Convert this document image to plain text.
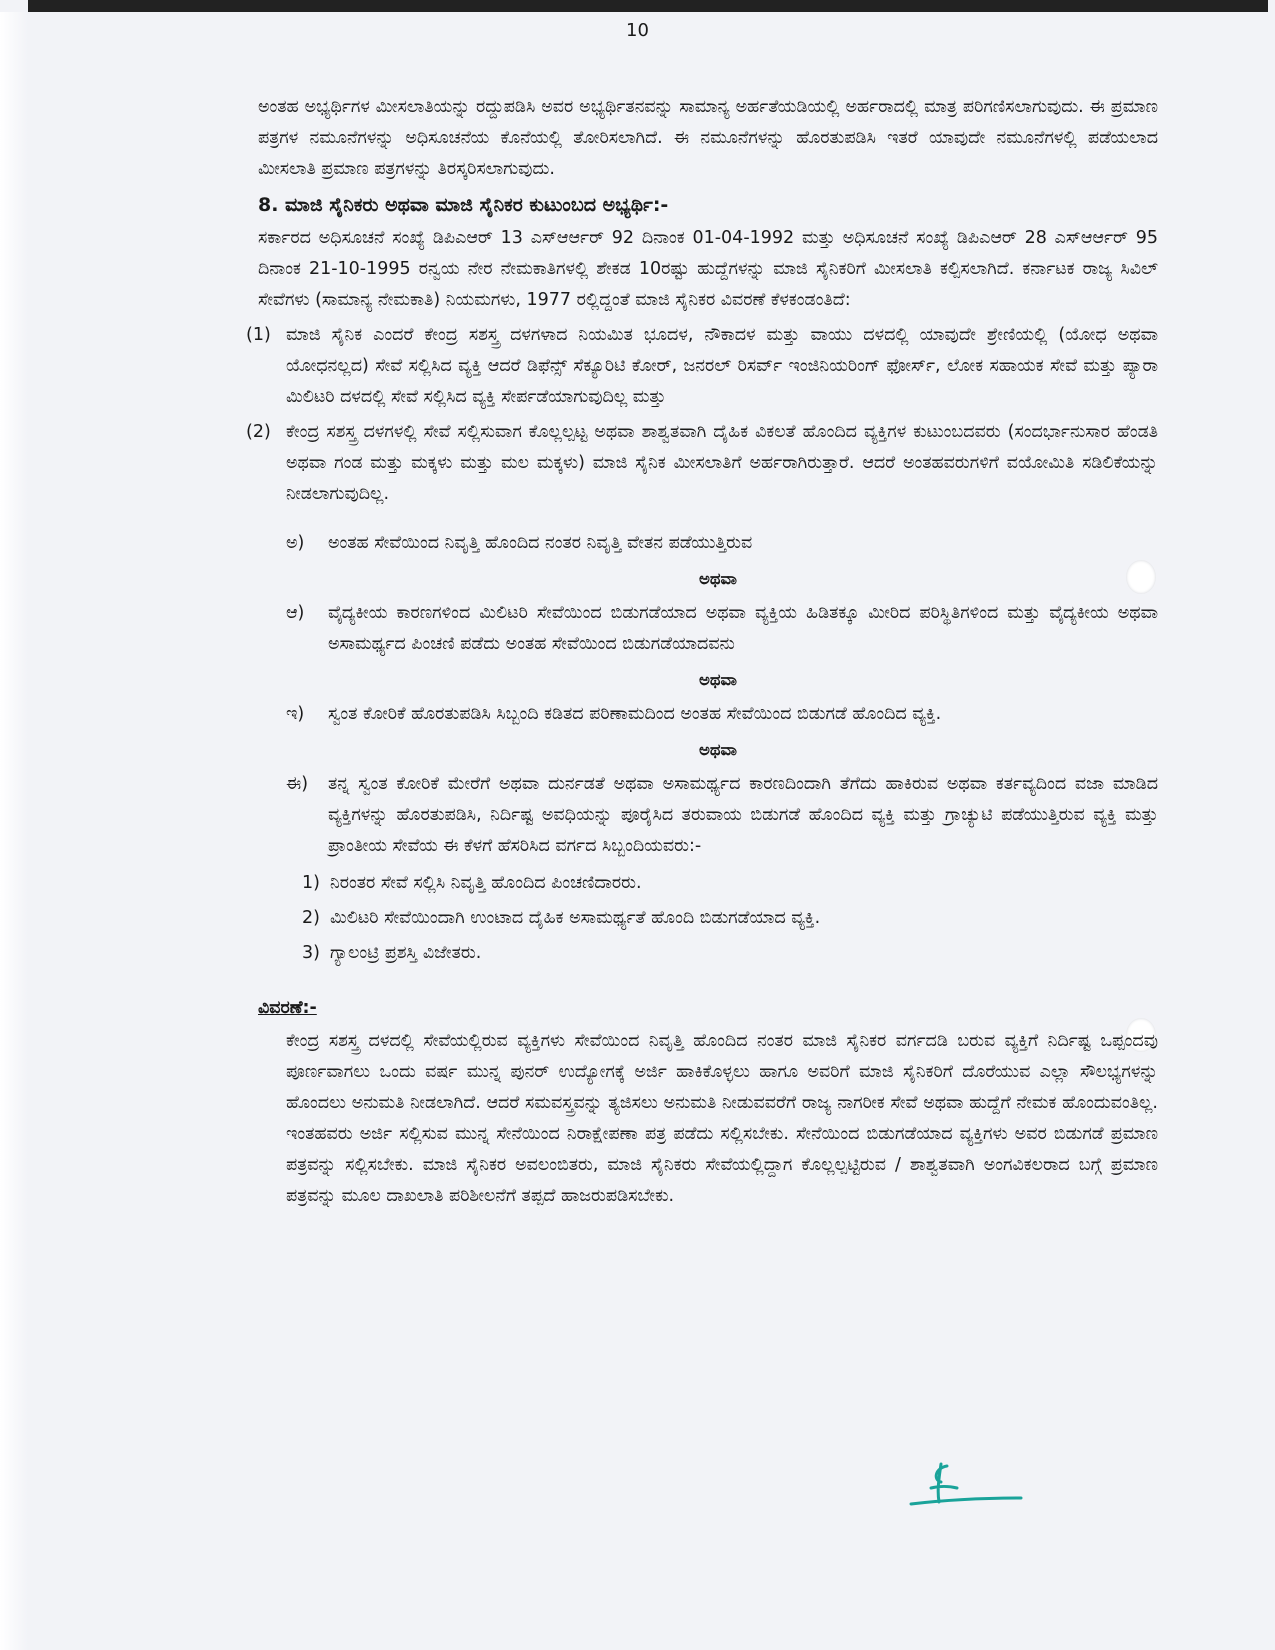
10
ಅಂತಹ ಅಭ್ಯರ್ಥಿಗಳ ಮೀಸಲಾತಿಯನ್ನು ರದ್ದುಪಡಿಸಿ ಅವರ ಅಭ್ಯರ್ಥಿತನವನ್ನು ಸಾಮಾನ್ಯ ಅರ್ಹತೆಯಡಿಯಲ್ಲಿ ಅರ್ಹರಾದಲ್ಲಿ ಮಾತ್ರ ಪರಿಗಣಿಸಲಾಗುವುದು. ಈ ಪ್ರಮಾಣ ಪತ್ರಗಳ ನಮೂನೆಗಳನ್ನು ಅಧಿಸೂಚನೆಯ ಕೊನೆಯಲ್ಲಿ ತೋರಿಸಲಾಗಿದೆ. ಈ ನಮೂನೆಗಳನ್ನು ಹೊರತುಪಡಿಸಿ ಇತರೆ ಯಾವುದೇ ನಮೂನೆಗಳಲ್ಲಿ ಪಡೆಯಲಾದ ಮೀಸಲಾತಿ ಪ್ರಮಾಣ ಪತ್ರಗಳನ್ನು ತಿರಸ್ಕರಿಸಲಾಗುವುದು.
8. ಮಾಜಿ ಸೈನಿಕರು ಅಥವಾ ಮಾಜಿ ಸೈನಿಕರ ಕುಟುಂಬದ ಅಭ್ಯರ್ಥಿ:-
ಸರ್ಕಾರದ ಅಧಿಸೂಚನೆ ಸಂಖ್ಯೆ ಡಿಪಿಎಆರ್ 13 ಎಸ್ಆರ್ಆರ್ 92 ದಿನಾಂಕ 01-04-1992 ಮತ್ತು ಅಧಿಸೂಚನೆ ಸಂಖ್ಯೆ ಡಿಪಿಎಆರ್ 28 ಎಸ್ಆರ್ಆರ್ 95 ದಿನಾಂಕ 21-10-1995 ರನ್ವಯ ನೇರ ನೇಮಕಾತಿಗಳಲ್ಲಿ ಶೇಕಡ 10ರಷ್ಟು ಹುದ್ದೆಗಳನ್ನು ಮಾಜಿ ಸೈನಿಕರಿಗೆ ಮೀಸಲಾತಿ ಕಲ್ಪಿಸಲಾಗಿದೆ. ಕರ್ನಾಟಕ ರಾಜ್ಯ ಸಿವಿಲ್ ಸೇವೆಗಳು (ಸಾಮಾನ್ಯ ನೇಮಕಾತಿ) ನಿಯಮಗಳು, 1977 ರಲ್ಲಿದ್ದಂತೆ ಮಾಜಿ ಸೈನಿಕರ ವಿವರಣೆ ಕೆಳಕಂಡಂತಿದೆ:
(1) ಮಾಜಿ ಸೈನಿಕ ಎಂದರೆ ಕೇಂದ್ರ ಸಶಸ್ತ್ರ ದಳಗಳಾದ ನಿಯಮಿತ ಭೂದಳ, ನೌಕಾದಳ ಮತ್ತು ವಾಯು ದಳದಲ್ಲಿ ಯಾವುದೇ ಶ್ರೇಣಿಯಲ್ಲಿ (ಯೋಧ ಅಥವಾ ಯೋಧನಲ್ಲದ) ಸೇವೆ ಸಲ್ಲಿಸಿದ ವ್ಯಕ್ತಿ ಆದರೆ ಡಿಫೆನ್ಸ್ ಸೆಕ್ಯೂರಿಟಿ ಕೋರ್, ಜನರಲ್ ರಿಸರ್ವ್ ಇಂಜಿನಿಯರಿಂಗ್ ಫೋರ್ಸ್, ಲೋಕ ಸಹಾಯಕ ಸೇವೆ ಮತ್ತು ಪ್ಯಾರಾ ಮಿಲಿಟರಿ ದಳದಲ್ಲಿ ಸೇವೆ ಸಲ್ಲಿಸಿದ ವ್ಯಕ್ತಿ ಸೇರ್ಪಡೆಯಾಗುವುದಿಲ್ಲ ಮತ್ತು
(2) ಕೇಂದ್ರ ಸಶಸ್ತ್ರ ದಳಗಳಲ್ಲಿ ಸೇವೆ ಸಲ್ಲಿಸುವಾಗ ಕೊಲ್ಲಲ್ಪಟ್ಟ ಅಥವಾ ಶಾಶ್ವತವಾಗಿ ದೈಹಿಕ ವಿಕಲತೆ ಹೊಂದಿದ ವ್ಯಕ್ತಿಗಳ ಕುಟುಂಬದವರು (ಸಂದರ್ಭಾನುಸಾರ ಹೆಂಡತಿ ಅಥವಾ ಗಂಡ ಮತ್ತು ಮಕ್ಕಳು ಮತ್ತು ಮಲ ಮಕ್ಕಳು) ಮಾಜಿ ಸೈನಿಕ ಮೀಸಲಾತಿಗೆ ಅರ್ಹರಾಗಿರುತ್ತಾರೆ. ಆದರೆ ಅಂತಹವರುಗಳಿಗೆ ವಯೋಮಿತಿ ಸಡಿಲಿಕೆಯನ್ನು ನೀಡಲಾಗುವುದಿಲ್ಲ.
ಅ)	ಅಂತಹ ಸೇವೆಯಿಂದ ನಿವೃತ್ತಿ ಹೊಂದಿದ ನಂತರ ನಿವೃತ್ತಿ ವೇತನ ಪಡೆಯುತ್ತಿರುವ
ಅಥವಾ
ಆ)	ವೈದ್ಯಕೀಯ ಕಾರಣಗಳಿಂದ ಮಿಲಿಟರಿ ಸೇವೆಯಿಂದ ಬಿಡುಗಡೆಯಾದ ಅಥವಾ ವ್ಯಕ್ತಿಯ ಹಿಡಿತಕ್ಕೂ ಮೀರಿದ ಪರಿಸ್ಥಿತಿಗಳಿಂದ ಮತ್ತು ವೈದ್ಯಕೀಯ ಅಥವಾ ಅಸಾಮರ್ಥ್ಯದ ಪಿಂಚಣಿ ಪಡೆದು ಅಂತಹ ಸೇವೆಯಿಂದ ಬಿಡುಗಡೆಯಾದವನು
ಅಥವಾ
ಇ)	ಸ್ವಂತ ಕೋರಿಕೆ ಹೊರತುಪಡಿಸಿ ಸಿಬ್ಬಂದಿ ಕಡಿತದ ಪರಿಣಾಮದಿಂದ ಅಂತಹ ಸೇವೆಯಿಂದ ಬಿಡುಗಡೆ ಹೊಂದಿದ ವ್ಯಕ್ತಿ.
ಅಥವಾ
ಈ)	ತನ್ನ ಸ್ವಂತ ಕೋರಿಕೆ ಮೇರೆಗೆ ಅಥವಾ ದುರ್ನಡತೆ ಅಥವಾ ಅಸಾಮರ್ಥ್ಯದ ಕಾರಣದಿಂದಾಗಿ ತೆಗೆದು ಹಾಕಿರುವ ಅಥವಾ ಕರ್ತವ್ಯದಿಂದ ವಜಾ ಮಾಡಿದ ವ್ಯಕ್ತಿಗಳನ್ನು ಹೊರತುಪಡಿಸಿ, ನಿರ್ದಿಷ್ಟ ಅವಧಿಯನ್ನು ಪೂರೈಸಿದ ತರುವಾಯ ಬಿಡುಗಡೆ ಹೊಂದಿದ ವ್ಯಕ್ತಿ ಮತ್ತು ಗ್ರಾಚ್ಯುಟಿ ಪಡೆಯುತ್ತಿರುವ ವ್ಯಕ್ತಿ ಮತ್ತು ಪ್ರಾಂತೀಯ ಸೇವೆಯ ಈ ಕೆಳಗೆ ಹೆಸರಿಸಿದ ವರ್ಗದ ಸಿಬ್ಬಂದಿಯವರು:-
1) ನಿರಂತರ ಸೇವೆ ಸಲ್ಲಿಸಿ ನಿವೃತ್ತಿ ಹೊಂದಿದ ಪಿಂಚಣಿದಾರರು.
2) ಮಿಲಿಟರಿ ಸೇವೆಯಿಂದಾಗಿ ಉಂಟಾದ ದೈಹಿಕ ಅಸಾಮರ್ಥ್ಯತೆ ಹೊಂದಿ ಬಿಡುಗಡೆಯಾದ ವ್ಯಕ್ತಿ.
3) ಗ್ಯಾಲಂಟ್ರಿ ಪ್ರಶಸ್ತಿ ವಿಜೇತರು.
ವಿವರಣೆ:-
ಕೇಂದ್ರ ಸಶಸ್ತ್ರ ದಳದಲ್ಲಿ ಸೇವೆಯಲ್ಲಿರುವ ವ್ಯಕ್ತಿಗಳು ಸೇವೆಯಿಂದ ನಿವೃತ್ತಿ ಹೊಂದಿದ ನಂತರ ಮಾಜಿ ಸೈನಿಕರ ವರ್ಗದಡಿ ಬರುವ ವ್ಯಕ್ತಿಗೆ ನಿರ್ದಿಷ್ಟ ಒಪ್ಪಂದವು ಪೂರ್ಣವಾಗಲು ಒಂದು ವರ್ಷ ಮುನ್ನ ಪುನರ್ ಉದ್ಯೋಗಕ್ಕೆ ಅರ್ಜಿ ಹಾಕಿಕೊಳ್ಳಲು ಹಾಗೂ ಅವರಿಗೆ ಮಾಜಿ ಸೈನಿಕರಿಗೆ ದೊರೆಯುವ ಎಲ್ಲಾ ಸೌಲಭ್ಯಗಳನ್ನು ಹೊಂದಲು ಅನುಮತಿ ನೀಡಲಾಗಿದೆ. ಆದರೆ ಸಮವಸ್ತ್ರವನ್ನು ತ್ಯಜಿಸಲು ಅನುಮತಿ ನೀಡುವವರೆಗೆ ರಾಜ್ಯ ನಾಗರೀಕ ಸೇವೆ ಅಥವಾ ಹುದ್ದೆಗೆ ನೇಮಕ ಹೊಂದುವಂತಿಲ್ಲ. ಇಂತಹವರು ಅರ್ಜಿ ಸಲ್ಲಿಸುವ ಮುನ್ನ ಸೇನೆಯಿಂದ ನಿರಾಕ್ಷೇಪಣಾ ಪತ್ರ ಪಡೆದು ಸಲ್ಲಿಸಬೇಕು. ಸೇನೆಯಿಂದ ಬಿಡುಗಡೆಯಾದ ವ್ಯಕ್ತಿಗಳು ಅವರ ಬಿಡುಗಡೆ ಪ್ರಮಾಣ ಪತ್ರವನ್ನು ಸಲ್ಲಿಸಬೇಕು. ಮಾಜಿ ಸೈನಿಕರ ಅವಲಂಬಿತರು, ಮಾಜಿ ಸೈನಿಕರು ಸೇವೆಯಲ್ಲಿದ್ದಾಗ ಕೊಲ್ಲಲ್ಪಟ್ಟಿರುವ / ಶಾಶ್ವತವಾಗಿ ಅಂಗವಿಕಲರಾದ ಬಗ್ಗೆ ಪ್ರಮಾಣ ಪತ್ರವನ್ನು ಮೂಲ ದಾಖಲಾತಿ ಪರಿಶೀಲನೆಗೆ ತಪ್ಪದೆ ಹಾಜರುಪಡಿಸಬೇಕು.
